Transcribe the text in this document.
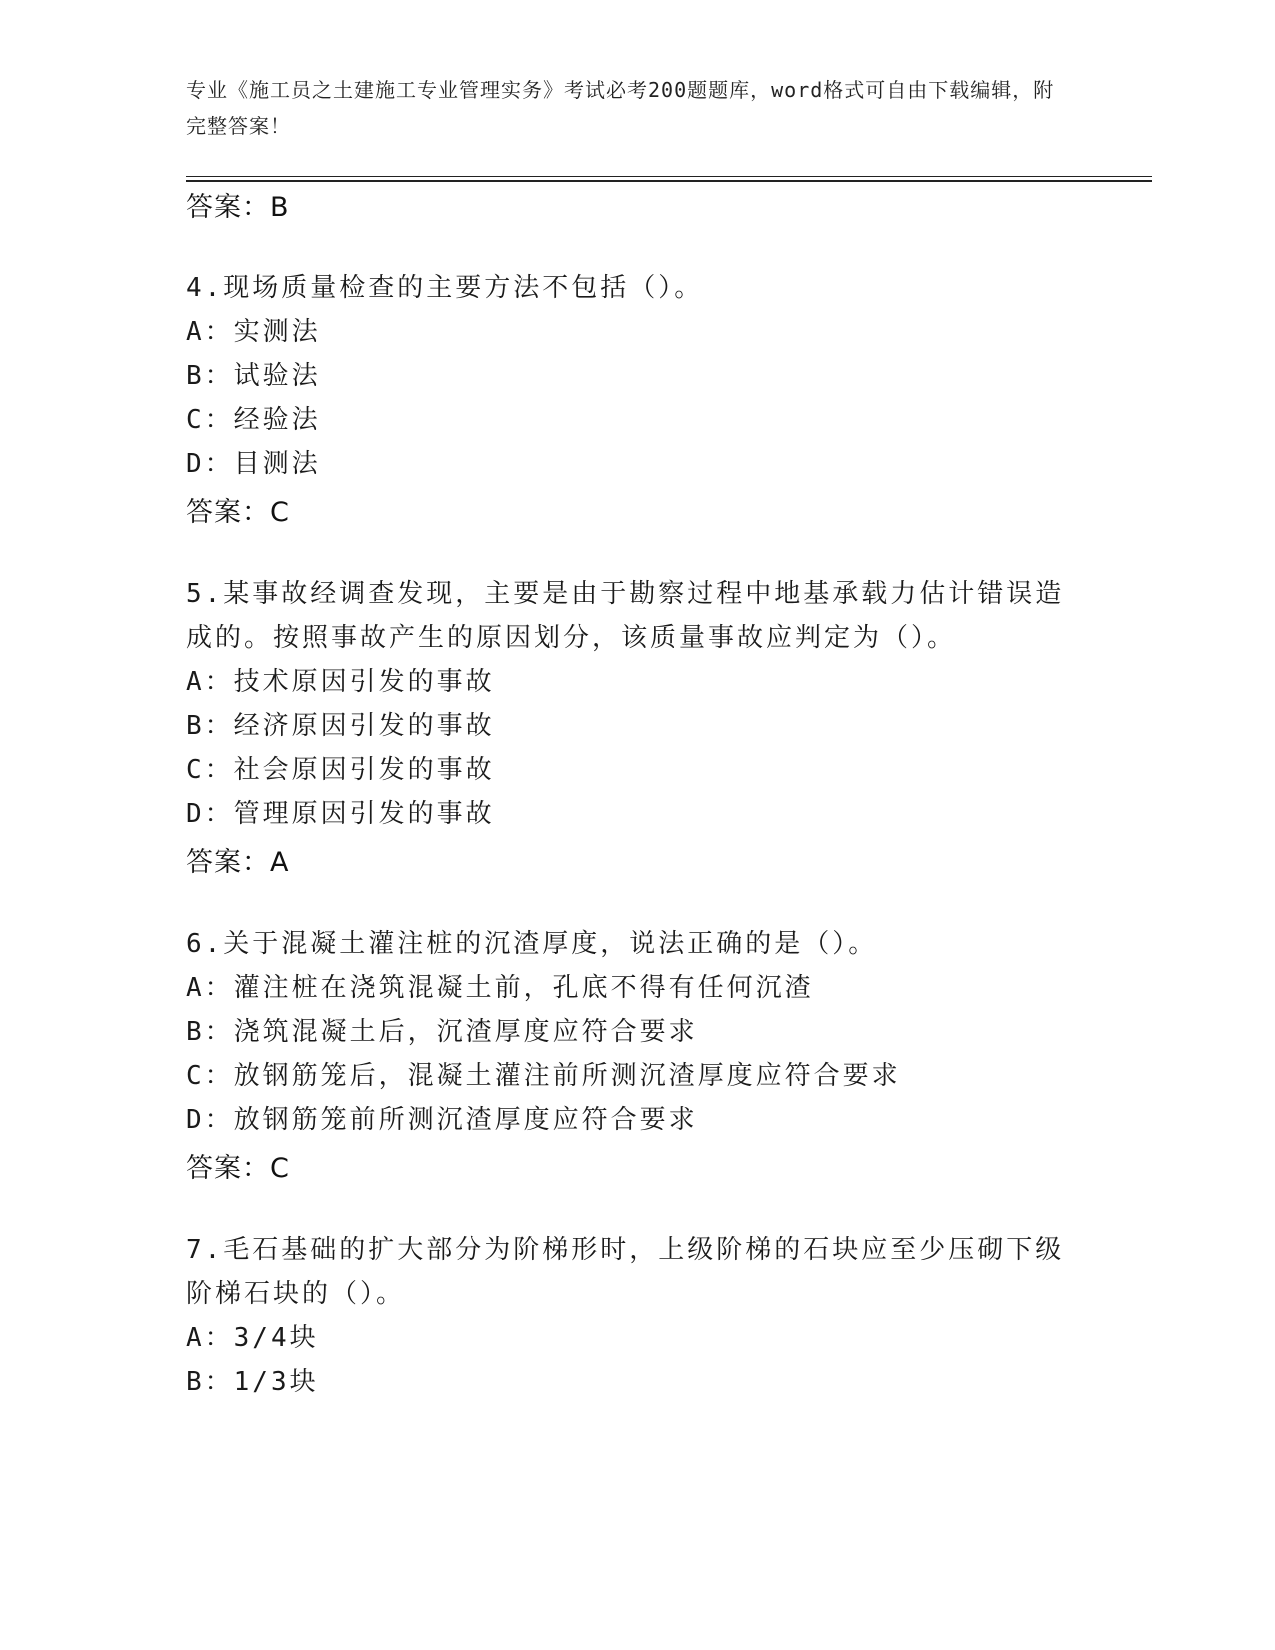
专业《施工员之土建施工专业管理实务》考试必考200题题库，word格式可自由下载编辑，附完整答案！
答案：B
4.现场质量检查的主要方法不包括（）。
A：实测法
B：试验法
C：经验法
D：目测法
答案：C
5.某事故经调查发现，主要是由于勘察过程中地基承载力估计错误造
成的。按照事故产生的原因划分，该质量事故应判定为（）。
A：技术原因引发的事故
B：经济原因引发的事故
C：社会原因引发的事故
D：管理原因引发的事故
答案：A
6.关于混凝土灌注桩的沉渣厚度，说法正确的是（）。
A：灌注桩在浇筑混凝土前，孔底不得有任何沉渣
B：浇筑混凝土后，沉渣厚度应符合要求
C：放钢筋笼后，混凝土灌注前所测沉渣厚度应符合要求
D：放钢筋笼前所测沉渣厚度应符合要求
答案：C
7.毛石基础的扩大部分为阶梯形时，上级阶梯的石块应至少压砌下级
阶梯石块的（）。
A：3/4块
B：1/3块
